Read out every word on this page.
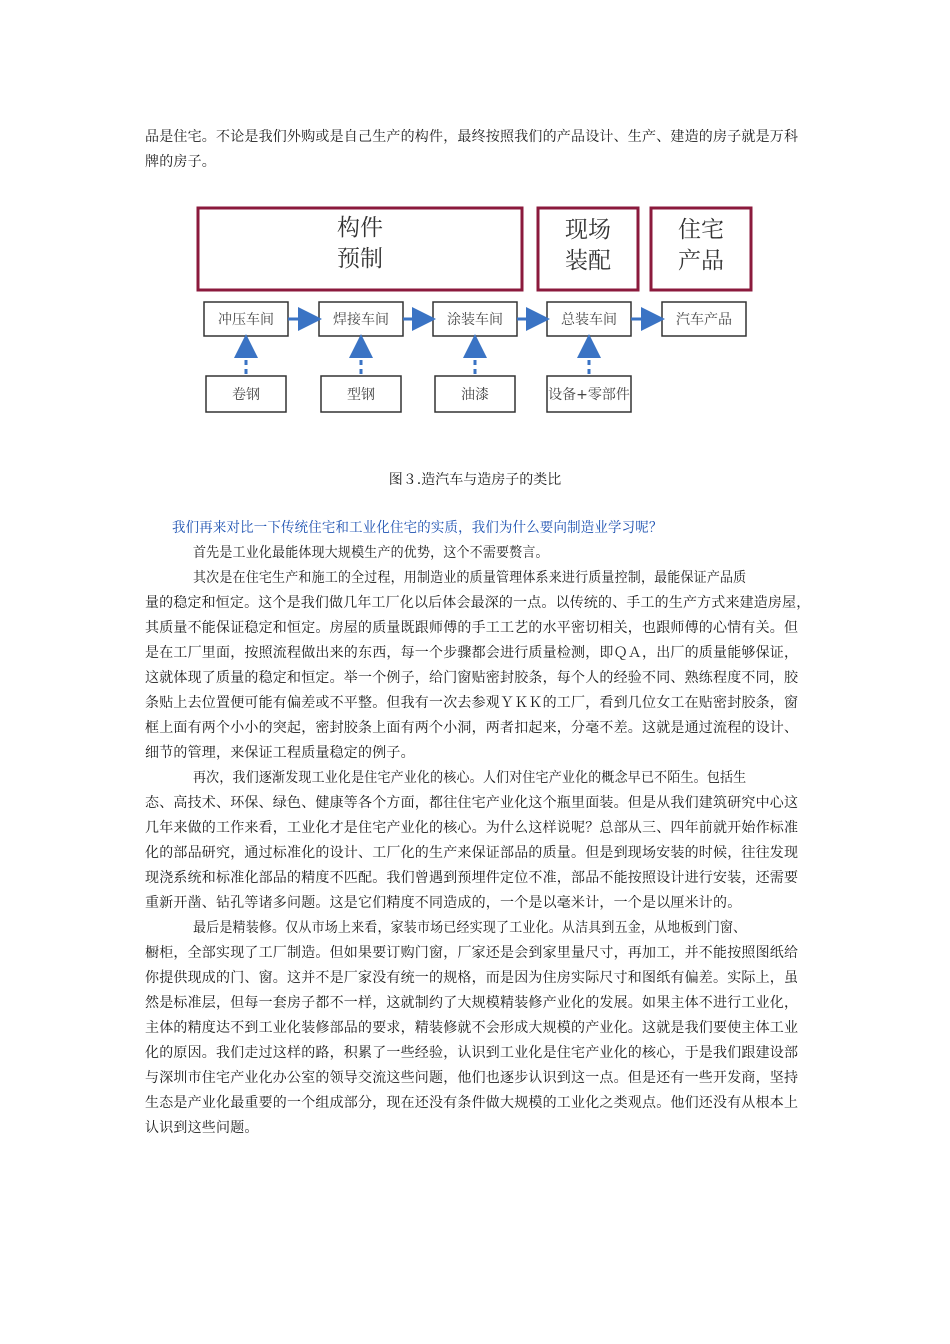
品是住宅。不论是我们外购或是自己生产的构件，最终按照我们的产品设计、生产、建造的房子就是万科
牌的房子。
构件
预制
现场
装配
住宅
产品
冲压车间	焊接车间	涂装车间	总装车间	汽车产品
卷钢	型钢	油漆	设备+零部件
图３.造汽车与造房子的类比
我们再来对比一下传统住宅和工业化住宅的实质，我们为什么要向制造业学习呢？
首先是工业化最能体现大规模生产的优势，这个不需要赘言。
其次是在住宅生产和施工的全过程，用制造业的质量管理体系来进行质量控制，最能保证产品质
量的稳定和恒定。这个是我们做几年工厂化以后体会最深的一点。以传统的、手工的生产方式来建造房屋，
其质量不能保证稳定和恒定。房屋的质量既跟师傅的手工工艺的水平密切相关，也跟师傅的心情有关。但
是在工厂里面，按照流程做出来的东西，每一个步骤都会进行质量检测，即ＱＡ，出厂的质量能够保证，
这就体现了质量的稳定和恒定。举一个例子，给门窗贴密封胶条，每个人的经验不同、熟练程度不同，胶
条贴上去位置便可能有偏差或不平整。但我有一次去参观ＹＫＫ的工厂，看到几位女工在贴密封胶条，窗
框上面有两个小小的突起，密封胶条上面有两个小洞，两者扣起来，分毫不差。这就是通过流程的设计、
细节的管理，来保证工程质量稳定的例子。
再次，我们逐渐发现工业化是住宅产业化的核心。人们对住宅产业化的概念早已不陌生。包括生
态、高技术、环保、绿色、健康等各个方面，都往住宅产业化这个瓶里面装。但是从我们建筑研究中心这
几年来做的工作来看，工业化才是住宅产业化的核心。为什么这样说呢？总部从三、四年前就开始作标准
化的部品研究，通过标准化的设计、工厂化的生产来保证部品的质量。但是到现场安装的时候，往往发现
现浇系统和标准化部品的精度不匹配。我们曾遇到预埋件定位不准，部品不能按照设计进行安装，还需要
重新开凿、钻孔等诸多问题。这是它们精度不同造成的，一个是以毫米计，一个是以厘米计的。
最后是精装修。仅从市场上来看，家装市场已经实现了工业化。从洁具到五金，从地板到门窗、
橱柜，全部实现了工厂制造。但如果要订购门窗，厂家还是会到家里量尺寸，再加工，并不能按照图纸给
你提供现成的门、窗。这并不是厂家没有统一的规格，而是因为住房实际尺寸和图纸有偏差。实际上，虽
然是标准层，但每一套房子都不一样，这就制约了大规模精装修产业化的发展。如果主体不进行工业化，
主体的精度达不到工业化装修部品的要求，精装修就不会形成大规模的产业化。这就是我们要使主体工业
化的原因。我们走过这样的路，积累了一些经验，认识到工业化是住宅产业化的核心，于是我们跟建设部
与深圳市住宅产业化办公室的领导交流这些问题，他们也逐步认识到这一点。但是还有一些开发商，坚持
生态是产业化最重要的一个组成部分，现在还没有条件做大规模的工业化之类观点。他们还没有从根本上
认识到这些问题。
